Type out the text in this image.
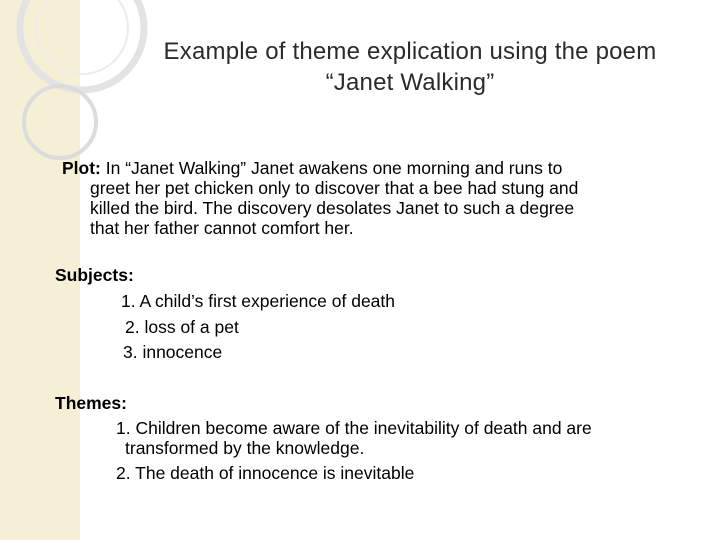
Example of theme explication using the poem
“Janet Walking”
Plot: In “Janet Walking” Janet awakens one morning and runs to
greet her pet chicken only to discover that a bee had stung and
killed the bird. The discovery desolates Janet to such a degree
that her father cannot comfort her.
Subjects:
1. A child’s first experience of death
2. loss of a pet
3. innocence
Themes:
1. Children become aware of the inevitability of death and are
transformed by the knowledge.
2. The death of innocence is inevitable
